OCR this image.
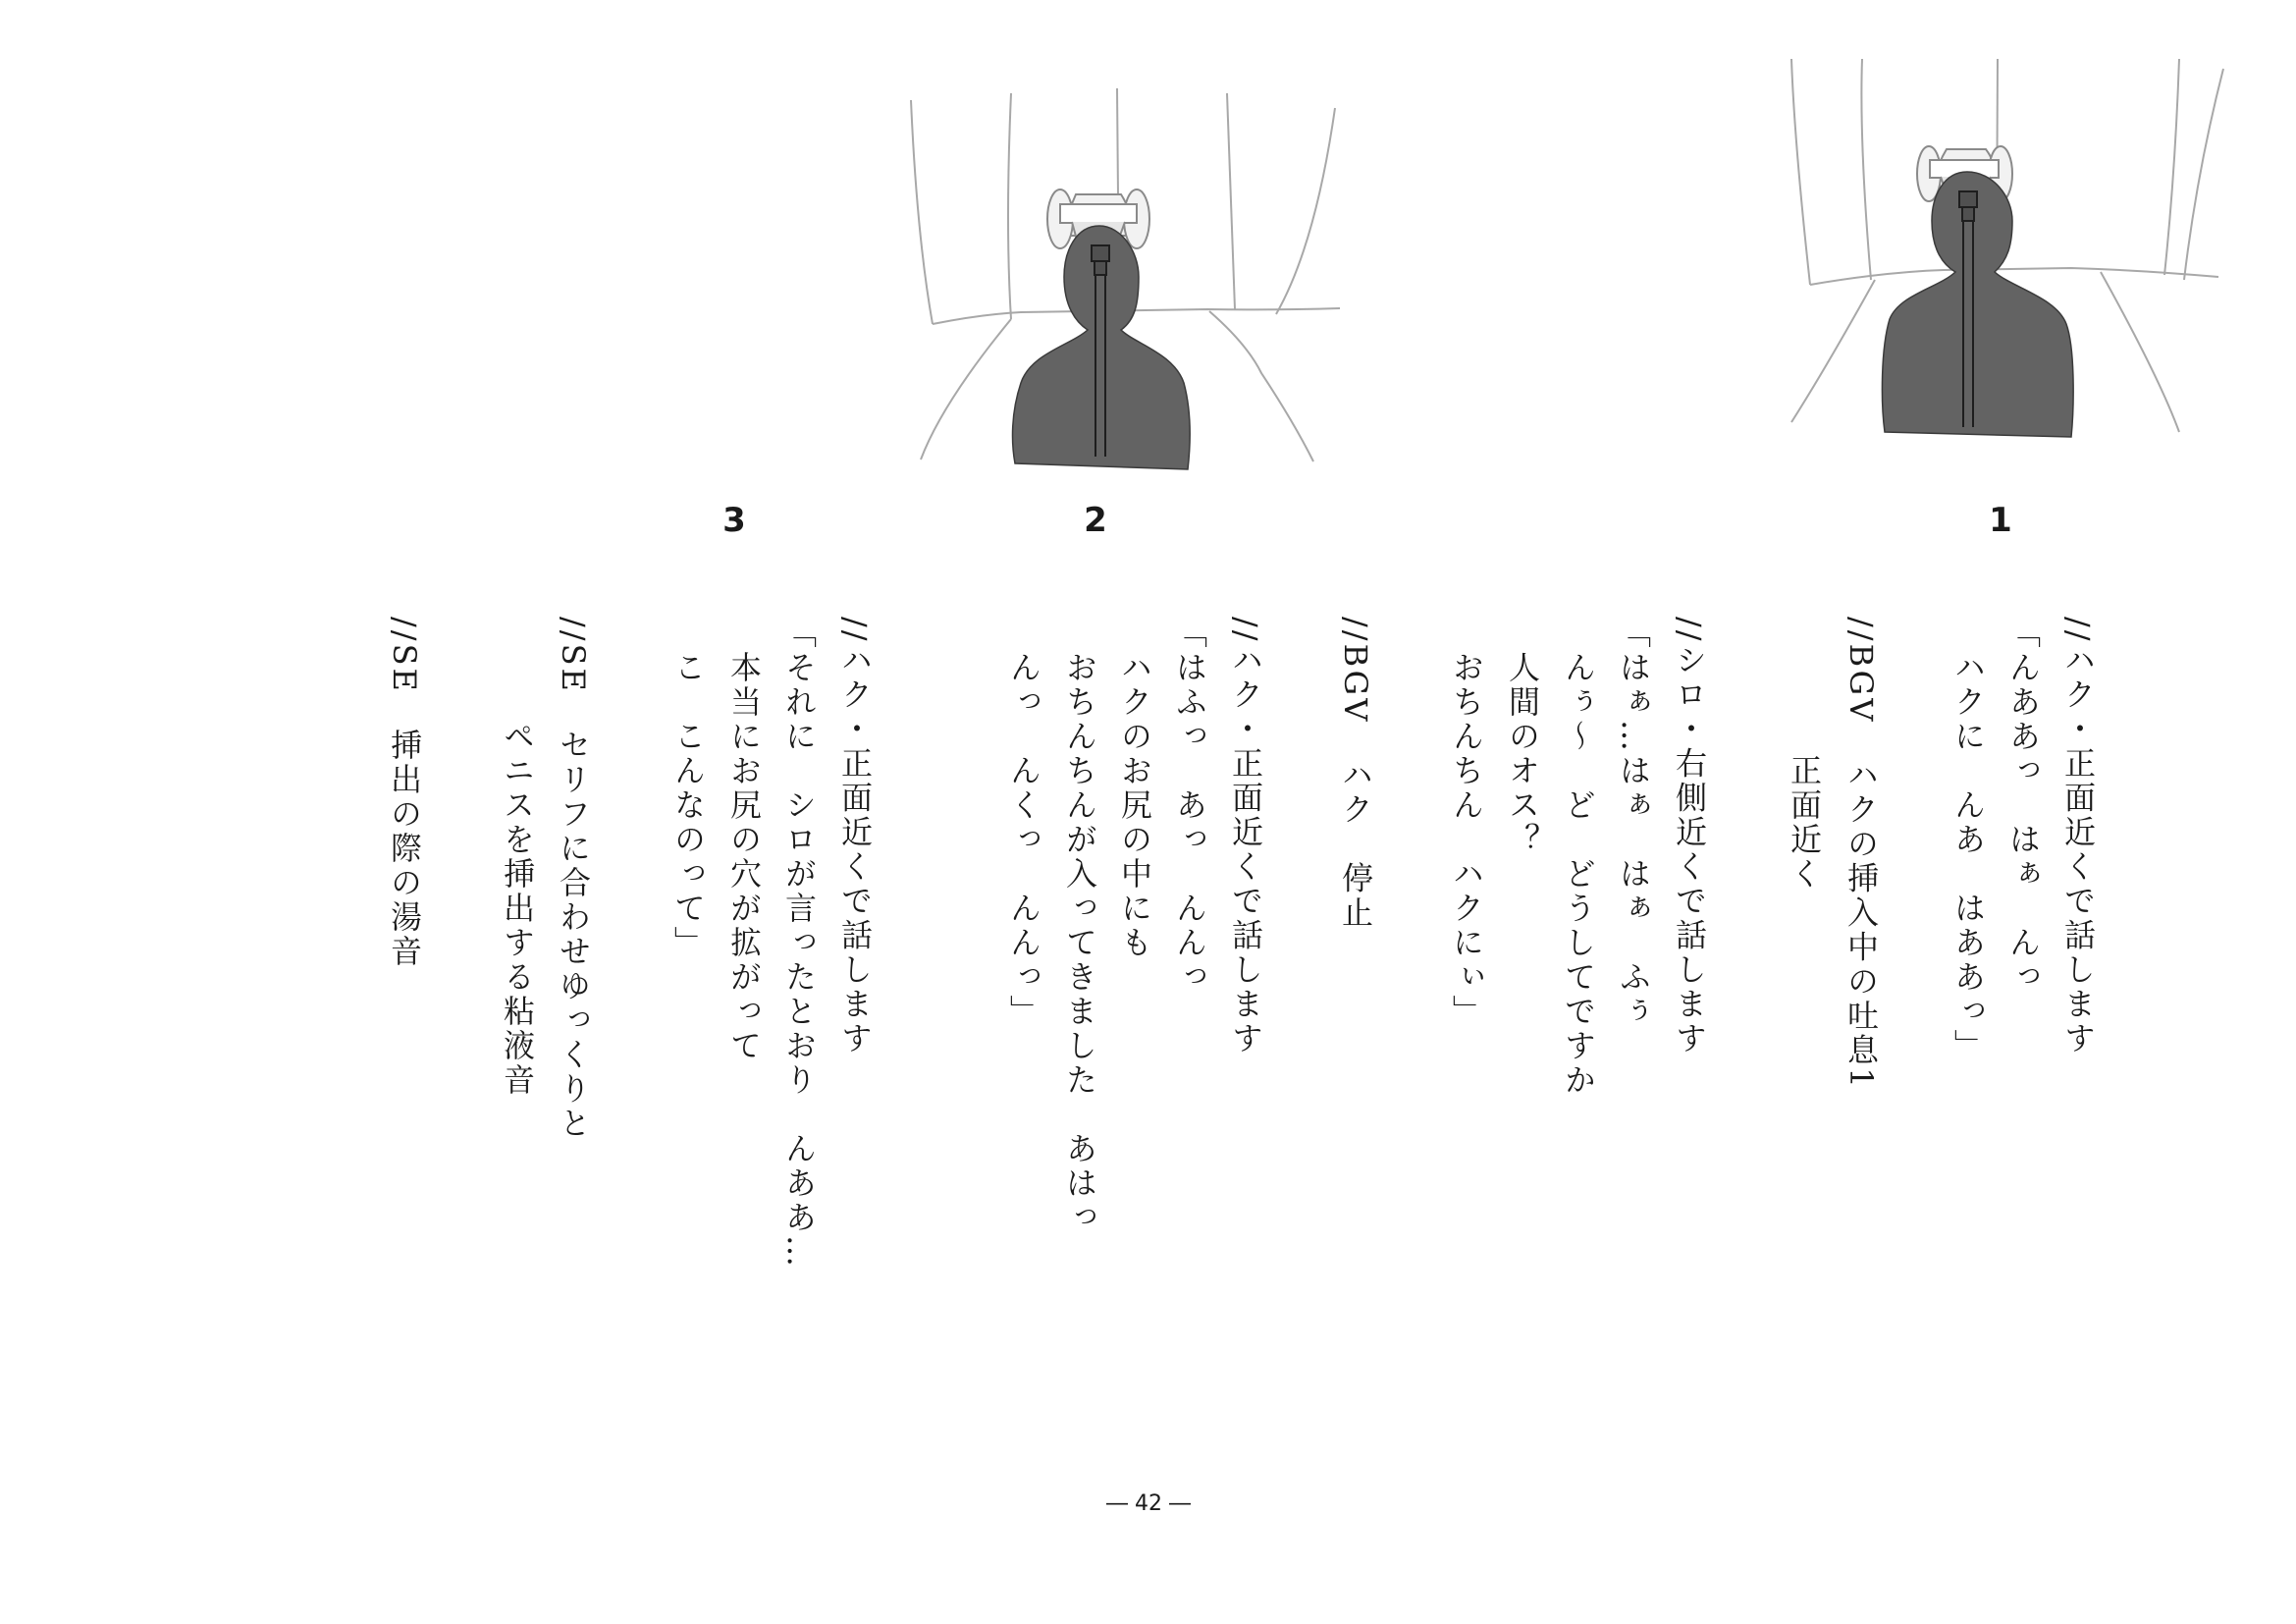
1
2
3
//ハク・正面近くで話します
「んああっ　はぁ　んっ
　ハクに　んあ　はああっ」
//BGV　ハクの挿入中の吐息1
　　　　正面近く
//シロ・右側近くで話します
「はぁ…はぁ　はぁ　ふぅ
　んぅ～　ど　どうしてですか
　人間のオス？
　おちんちん　ハクにぃ」
//BGV　ハク　停止
//ハク・正面近くで話します
「はふっ　あっ　んんっ
　ハクのお尻の中にも
　おちんちんが入ってきました　あはっ
　んっ　んくっ　んんっ」
//ハク・正面近くで話します
「それに　シロが言ったとおり　んああ…
　本当にお尻の穴が拡がって
　こ　こんなのって」
//SE　セリフに合わせゆっくりと
　　　ペニスを挿出する粘液音
//SE　挿出の際の湯音
― 42 ―
